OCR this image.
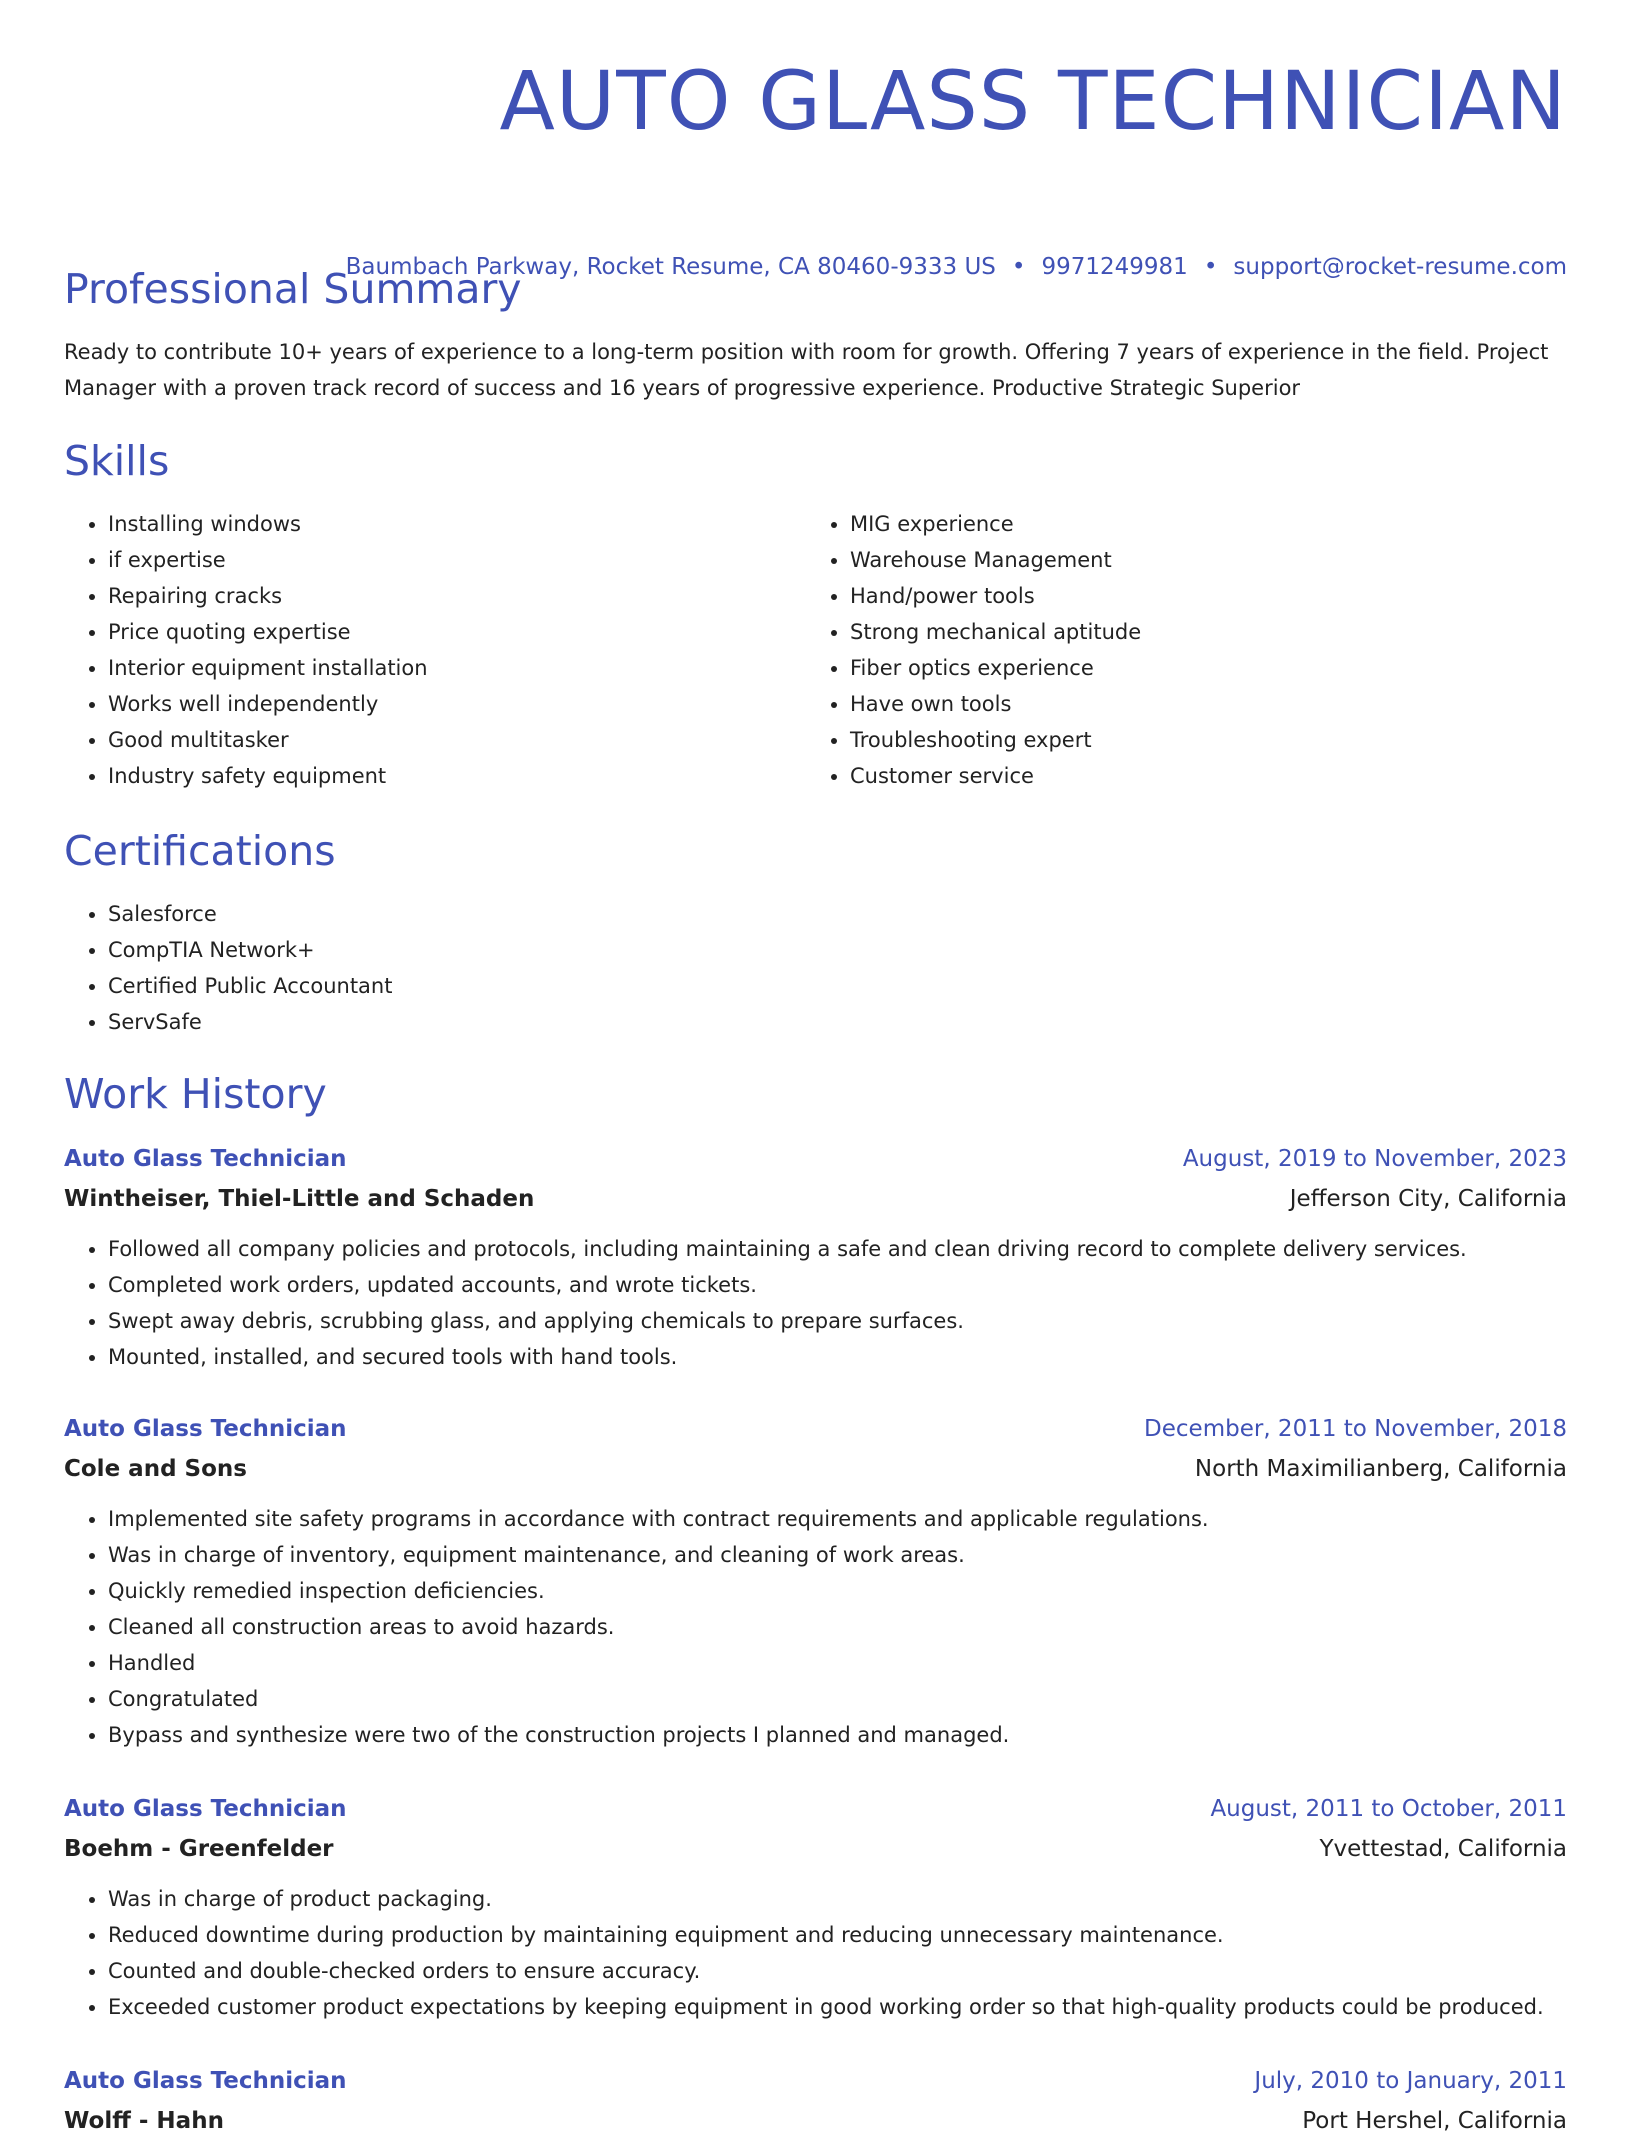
AUTO GLASS TECHNICIAN
Baumbach Parkway, Rocket Resume, CA 80460-9333 US • 9971249981 • support@rocket-resume.com
Professional Summary

Ready to contribute 10+ years of experience to a long-term position with room for growth. Offering 7 years of experience in the field. Project Manager with a proven track record of success and 16 years of progressive experience. Productive Strategic Superior

Skills
• Installing windows
• if expertise
• Repairing cracks
• Price quoting expertise
• Interior equipment installation
• Works well independently
• Good multitasker
• Industry safety equipment
• MIG experience
• Warehouse Management
• Hand/power tools
• Strong mechanical aptitude
• Fiber optics experience
• Have own tools
• Troubleshooting expert
• Customer service
Certifications
• Salesforce
• CompTIA Network+
• Certified Public Accountant
• ServSafe
Work History
Auto Glass Technician	August, 2019 to November, 2023
Wintheiser, Thiel-Little and Schaden	Jefferson City, California
• Followed all company policies and protocols, including maintaining a safe and clean driving record to complete delivery services.
• Completed work orders, updated accounts, and wrote tickets.
• Swept away debris, scrubbing glass, and applying chemicals to prepare surfaces.
• Mounted, installed, and secured tools with hand tools.
Auto Glass Technician	December, 2011 to November, 2018
Cole and Sons	North Maximilianberg, California
• Implemented site safety programs in accordance with contract requirements and applicable regulations.
• Was in charge of inventory, equipment maintenance, and cleaning of work areas.
• Quickly remedied inspection deficiencies.
• Cleaned all construction areas to avoid hazards.
• Handled
• Congratulated
• Bypass and synthesize were two of the construction projects I planned and managed.
Auto Glass Technician	August, 2011 to October, 2011
Boehm - Greenfelder	Yvettestad, California
• Was in charge of product packaging.
• Reduced downtime during production by maintaining equipment and reducing unnecessary maintenance.
• Counted and double-checked orders to ensure accuracy.
• Exceeded customer product expectations by keeping equipment in good working order so that high-quality products could be produced.
Auto Glass Technician	July, 2010 to January, 2011
Wolff - Hahn	Port Hershel, California
